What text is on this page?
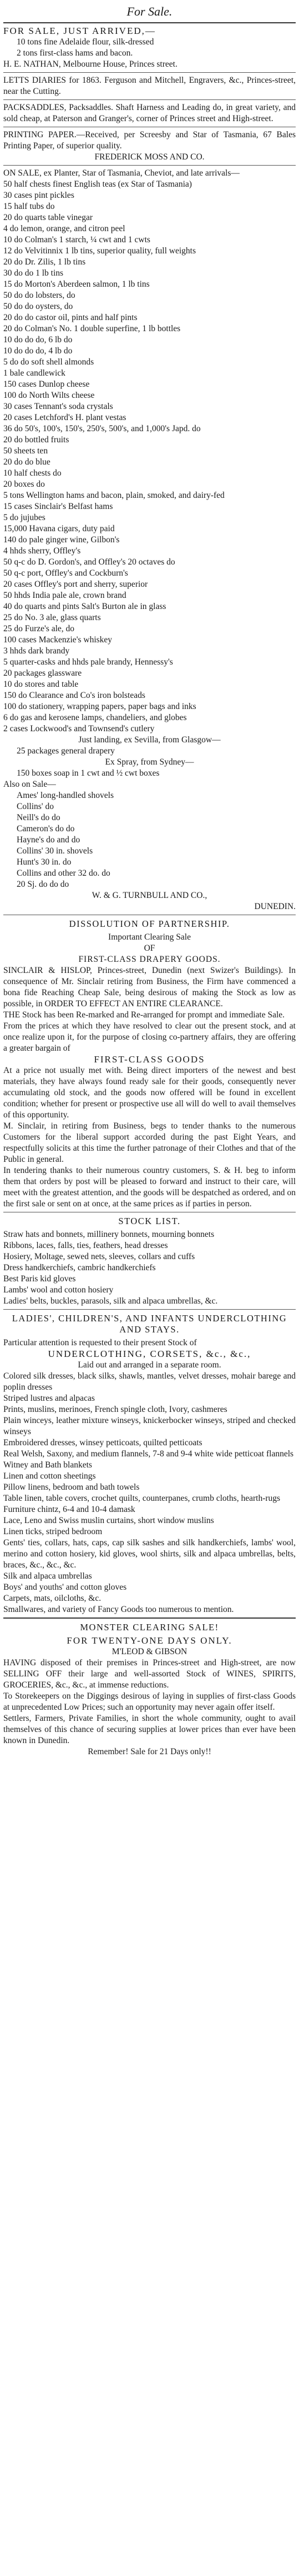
For Sale.

FOR SALE, JUST ARRIVED,—

10 tons fine Adelaide flour, silk-dressed

2 tons first-class hams and bacon.

H. E. NATHAN, Melbourne House, Princes street.

LETTS DIARIES for 1863. Ferguson and Mitchell, Engravers, &c., Princes-street, near the Cutting.

PACKSADDLES, Packsaddles. Shaft Harness and Leading do, in great variety, and sold cheap, at Paterson and Granger's, corner of Princes street and High-street.

PRINTING PAPER.—Received, per Screesby and Star of Tasmania, 67 Bales Printing Paper, of superior quality.

FREDERICK MOSS AND CO.

ON SALE, ex Planter, Star of Tasmania, Cheviot, and late arrivals—

50 half chests finest English teas (ex Star of Tasmania)

30 cases pint pickles

15 half tubs do

20 do quarts table vinegar

4 do lemon, orange, and citron peel

10 do Colman's 1 starch, ¼ cwt and 1 cwts

12 do Velvitinnix 1 lb tins, superior quality, full weights

20 do Dr. Zilis, 1 lb tins

30 do do 1 lb tins

15 do Morton's Aberdeen salmon, 1 lb tins

50 do do lobsters, do

50 do do oysters, do

20 do do castor oil, pints and half pints

20 do Colman's No. 1 double superfine, 1 lb bottles

10 do do do, 6 lb do

10 do do do, 4 lb do

5 do do soft shell almonds

1 bale candlewick

150 cases Dunlop cheese

100 do North Wilts cheese

30 cases Tennant's soda crystals

20 cases Letchford's H. plant vestas

36 do 50's, 100's, 150's, 250's, 500's, and 1,000's Japd. do

20 do bottled fruits

50 sheets ten

20 do do blue

10 half chests do

20 boxes do

5 tons Wellington hams and bacon, plain, smoked, and dairy-fed

15 cases Sinclair's Belfast hams

5 do jujubes

15,000 Havana cigars, duty paid

140 do pale ginger wine, Gilbon's

4 hhds sherry, Offley's

50 q-c do D. Gordon's, and Offley's 20 octaves do

50 q-c port, Offley's and Cockburn's

20 cases Offley's port and sherry, superior

50 hhds India pale ale, crown brand

40 do quarts and pints Salt's Burton ale in glass

25 do No. 3 ale, glass quarts

25 do Furze's ale, do

100 cases Mackenzie's whiskey

3 hhds dark brandy

5 quarter-casks and hhds pale brandy, Hennessy's

20 packages glassware

10 do stores and table

150 do Clearance and Co's iron bolsteads

100 do stationery, wrapping papers, paper bags and inks

6 do gas and kerosene lamps, chandeliers, and globes

2 cases Lockwood's and Townsend's cutlery

Just landing, ex Sevilla, from Glasgow—

25 packages general drapery

Ex Spray, from Sydney—

150 boxes soap in 1 cwt and ½ cwt boxes

Also on Sale—

Ames' long-handled shovels

Collins' do

Neill's do do

Cameron's do do

Hayne's do and do

Collins' 30 in. shovels

Hunt's 30 in. do

Collins and other 32 do. do

20 Sj. do do do

W. & G. TURNBULL AND CO.,

DUNEDIN.

DISSOLUTION OF PARTNERSHIP.

Important Clearing Sale

OF

FIRST-CLASS DRAPERY GOODS.

SINCLAIR & HISLOP, Princes-street, Dunedin (next Swizer's Buildings). In consequence of Mr. Sinclair retiring from Business, the Firm have commenced a bona fide Reaching Cheap Sale, being desirous of making the Stock as low as possible, in ORDER TO EFFECT AN ENTIRE CLEARANCE.

THE Stock has been Re-marked and Re-arranged for prompt and immediate Sale.

From the prices at which they have resolved to clear out the present stock, and at once realize upon it, for the purpose of closing co-partnery affairs, they are offering a greater bargain of

FIRST-CLASS GOODS

At a price not usually met with. Being direct importers of the newest and best materials, they have always found ready sale for their goods, consequently never accumulating old stock, and the goods now offered will be found in excellent condition; whether for present or prospective use all will do well to avail themselves of this opportunity.

M. Sinclair, in retiring from Business, begs to tender thanks to the numerous Customers for the liberal support accorded during the past Eight Years, and respectfully solicits at this time the further patronage of their Clothes and that of the Public in general.

In tendering thanks to their numerous country customers, S. & H. beg to inform them that orders by post will be pleased to forward and instruct to their care, will meet with the greatest attention, and the goods will be despatched as ordered, and on the first sale or sent on at once, at the same prices as if parties in person.

STOCK LIST.

Straw hats and bonnets, millinery bonnets, mourning bonnets

Ribbons, laces, falls, ties, feathers, head dresses

Hosiery, Moltage, sewed nets, sleeves, collars and cuffs

Dress handkerchiefs, cambric handkerchiefs

Best Paris kid gloves

Lambs' wool and cotton hosiery

Ladies' belts, buckles, parasols, silk and alpaca umbrellas, &c.

LADIES', CHILDREN'S, AND INFANTS UNDERCLOTHING AND STAYS.

Particular attention is requested to their present Stock of

UNDERCLOTHING, CORSETS, &c., &c.,

Laid out and arranged in a separate room.

Colored silk dresses, black silks, shawls, mantles, velvet dresses, mohair barege and poplin dresses

Striped lustres and alpacas

Prints, muslins, merinoes, French spingle cloth, Ivory, cashmeres

Plain winceys, leather mixture winseys, knickerbocker winseys, striped and checked winseys

Embroidered dresses, winsey petticoats, quilted petticoats

Real Welsh, Saxony, and medium flannels, 7-8 and 9-4 white wide petticoat flannels

Witney and Bath blankets

Linen and cotton sheetings

Pillow linens, bedroom and bath towels

Table linen, table covers, crochet quilts, counterpanes, crumb cloths, hearth-rugs

Furniture chintz, 6-4 and 10-4 damask

Lace, Leno and Swiss muslin curtains, short window muslins

Linen ticks, striped bedroom

Gents' ties, collars, hats, caps, cap silk sashes and silk handkerchiefs, lambs' wool, merino and cotton hosiery, kid gloves, wool shirts, silk and alpaca umbrellas, belts, braces, &c., &c., &c.

Silk and alpaca umbrellas

Boys' and youths' and cotton gloves

Carpets, mats, oilcloths, &c.

Smallwares, and variety of Fancy Goods too numerous to mention.

MONSTER CLEARING SALE!

FOR TWENTY-ONE DAYS ONLY.

M'LEOD & GIBSON

HAVING disposed of their premises in Princes-street and High-street, are now SELLING OFF their large and well-assorted Stock of WINES, SPIRITS, GROCERIES, &c., &c., at immense reductions.

To Storekeepers on the Diggings desirous of laying in supplies of first-class Goods at unprecedented Low Prices; such an opportunity may never again offer itself.

Settlers, Farmers, Private Families, in short the whole community, ought to avail themselves of this chance of securing supplies at lower prices than ever have been known in Dunedin.

Remember! Sale for 21 Days only!!
